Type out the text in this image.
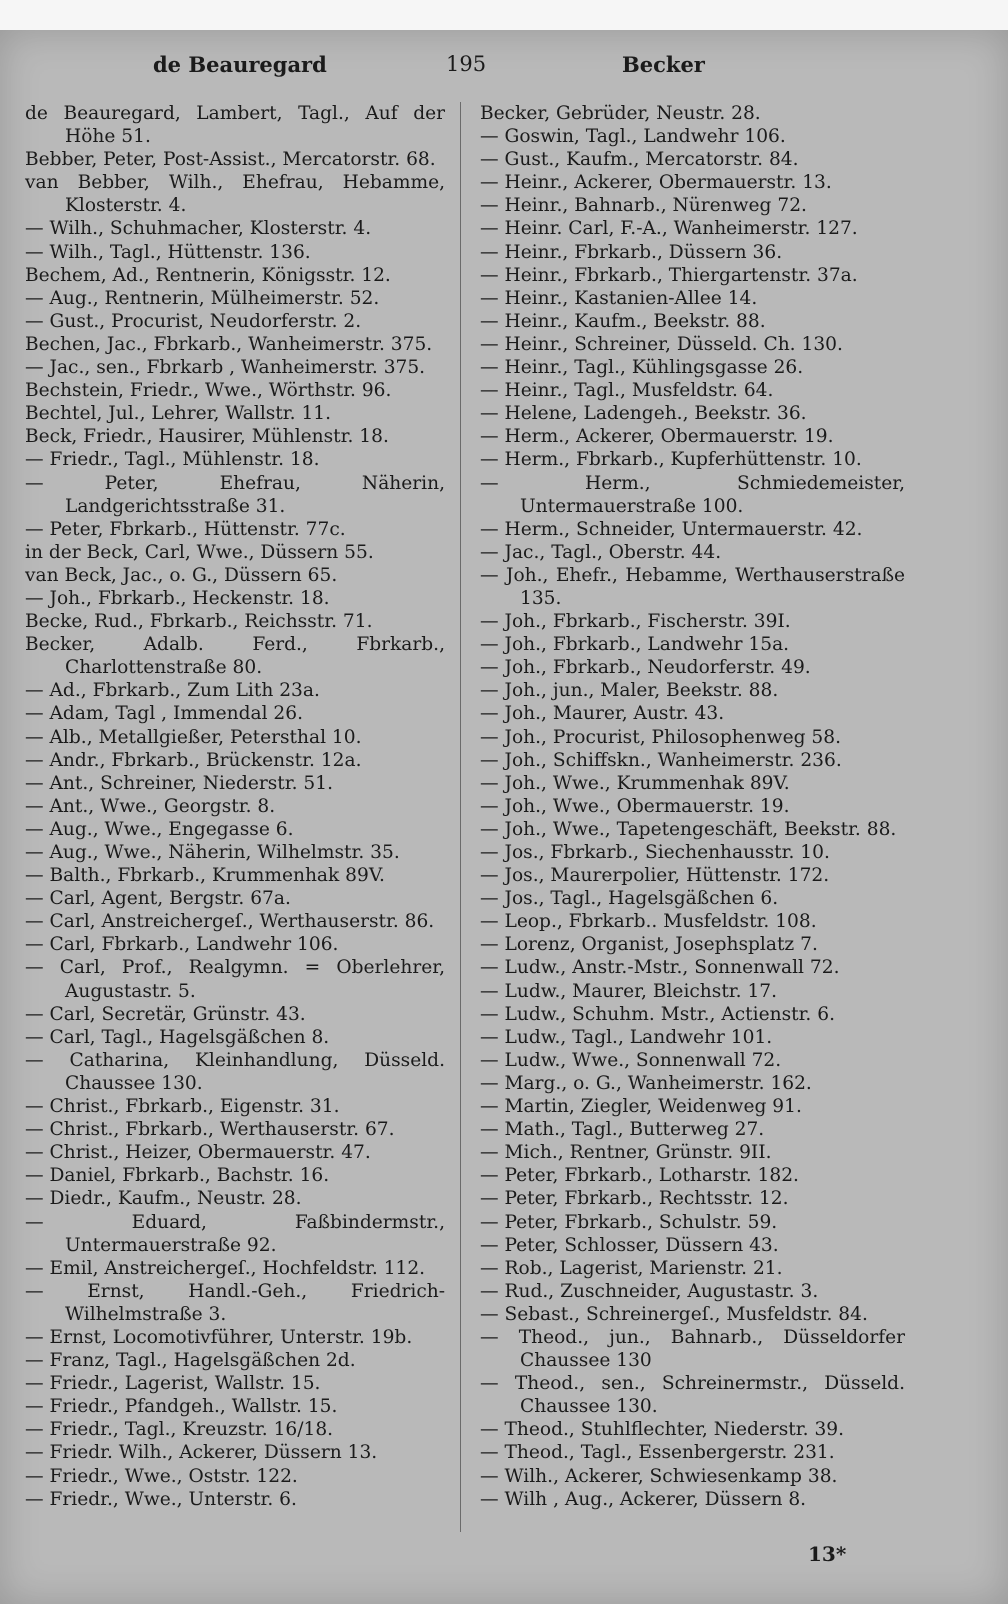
de Beauregard	195	Becker
de Beauregard, Lambert, Tagl., Auf der Höhe 51.
Bebber, Peter, Post-Assist., Mercatorstr. 68.
van Bebber, Wilh., Ehefrau, Hebamme, Klosterstr. 4.
— Wilh., Schuhmacher, Klosterstr. 4.
— Wilh., Tagl., Hüttenstr. 136.
Bechem, Ad., Rentnerin, Königsstr. 12.
— Aug., Rentnerin, Mülheimerstr. 52.
— Gust., Procurist, Neudorferstr. 2.
Bechen, Jac., Fbrkarb., Wanheimerstr. 375.
— Jac., sen., Fbrkarb , Wanheimerstr. 375.
Bechstein, Friedr., Wwe., Wörthstr. 96.
Bechtel, Jul., Lehrer, Wallstr. 11.
Beck, Friedr., Hausirer, Mühlenstr. 18.
— Friedr., Tagl., Mühlenstr. 18.
— Peter, Ehefrau, Näherin, Landgerichtsstraße 31.
— Peter, Fbrkarb., Hüttenstr. 77c.
in der Beck, Carl, Wwe., Düssern 55.
van Beck, Jac., o. G., Düssern 65.
— Joh., Fbrkarb., Heckenstr. 18.
Becke, Rud., Fbrkarb., Reichsstr. 71.
Becker, Adalb. Ferd., Fbrkarb., Charlottenstraße 80.
— Ad., Fbrkarb., Zum Lith 23a.
— Adam, Tagl , Immendal 26.
— Alb., Metallgießer, Petersthal 10.
— Andr., Fbrkarb., Brückenstr. 12a.
— Ant., Schreiner, Niederstr. 51.
— Ant., Wwe., Georgstr. 8.
— Aug., Wwe., Engegasse 6.
— Aug., Wwe., Näherin, Wilhelmstr. 35.
— Balth., Fbrkarb., Krummenhak 89V.
— Carl, Agent, Bergstr. 67a.
— Carl, Anstreichergeſ., Werthauserstr. 86.
— Carl, Fbrkarb., Landwehr 106.
— Carl, Prof., Realgymn. = Oberlehrer, Augustastr. 5.
— Carl, Secretär, Grünstr. 43.
— Carl, Tagl., Hagelsgäßchen 8.
— Catharina, Kleinhandlung, Düsseld. Chaussee 130.
— Christ., Fbrkarb., Eigenstr. 31.
— Christ., Fbrkarb., Werthauserstr. 67.
— Christ., Heizer, Obermauerstr. 47.
— Daniel, Fbrkarb., Bachstr. 16.
— Diedr., Kaufm., Neustr. 28.
— Eduard, Faßbindermstr., Untermauerstraße 92.
— Emil, Anstreichergeſ., Hochfeldstr. 112.
— Ernst, Handl.-Geh., Friedrich-Wilhelmstraße 3.
— Ernst, Locomotivführer, Unterstr. 19b.
— Franz, Tagl., Hagelsgäßchen 2d.
— Friedr., Lagerist, Wallstr. 15.
— Friedr., Pfandgeh., Wallstr. 15.
— Friedr., Tagl., Kreuzstr. 16/18.
— Friedr. Wilh., Ackerer, Düssern 13.
— Friedr., Wwe., Oststr. 122.
— Friedr., Wwe., Unterstr. 6.
Becker, Gebrüder, Neustr. 28.
— Goswin, Tagl., Landwehr 106.
— Gust., Kaufm., Mercatorstr. 84.
— Heinr., Ackerer, Obermauerstr. 13.
— Heinr., Bahnarb., Nürenweg 72.
— Heinr. Carl, F.-A., Wanheimerstr. 127.
— Heinr., Fbrkarb., Düssern 36.
— Heinr., Fbrkarb., Thiergartenstr. 37a.
— Heinr., Kastanien-Allee 14.
— Heinr., Kaufm., Beekstr. 88.
— Heinr., Schreiner, Düsseld. Ch. 130.
— Heinr., Tagl., Kühlingsgasse 26.
— Heinr., Tagl., Musfeldstr. 64.
— Helene, Ladengeh., Beekstr. 36.
— Herm., Ackerer, Obermauerstr. 19.
— Herm., Fbrkarb., Kupferhüttenstr. 10.
— Herm., Schmiedemeister, Untermauerstraße 100.
— Herm., Schneider, Untermauerstr. 42.
— Jac., Tagl., Oberstr. 44.
— Joh., Ehefr., Hebamme, Werthauserstraße 135.
— Joh., Fbrkarb., Fischerstr. 39I.
— Joh., Fbrkarb., Landwehr 15a.
— Joh., Fbrkarb., Neudorferstr. 49.
— Joh., jun., Maler, Beekstr. 88.
— Joh., Maurer, Austr. 43.
— Joh., Procurist, Philosophenweg 58.
— Joh., Schiffskn., Wanheimerstr. 236.
— Joh., Wwe., Krummenhak 89V.
— Joh., Wwe., Obermauerstr. 19.
— Joh., Wwe., Tapetengeschäft, Beekstr. 88.
— Jos., Fbrkarb., Siechenhausstr. 10.
— Jos., Maurerpolier, Hüttenstr. 172.
— Jos., Tagl., Hagelsgäßchen 6.
— Leop., Fbrkarb.. Musfeldstr. 108.
— Lorenz, Organist, Josephsplatz 7.
— Ludw., Anstr.-Mstr., Sonnenwall 72.
— Ludw., Maurer, Bleichstr. 17.
— Ludw., Schuhm. Mstr., Actienstr. 6.
— Ludw., Tagl., Landwehr 101.
— Ludw., Wwe., Sonnenwall 72.
— Marg., o. G., Wanheimerstr. 162.
— Martin, Ziegler, Weidenweg 91.
— Math., Tagl., Butterweg 27.
— Mich., Rentner, Grünstr. 9II.
— Peter, Fbrkarb., Lotharstr. 182.
— Peter, Fbrkarb., Rechtsstr. 12.
— Peter, Fbrkarb., Schulstr. 59.
— Peter, Schlosser, Düssern 43.
— Rob., Lagerist, Marienstr. 21.
— Rud., Zuschneider, Augustastr. 3.
— Sebast., Schreinergeſ., Musfeldstr. 84.
— Theod., jun., Bahnarb., Düsseldorfer Chaussee 130
— Theod., sen., Schreinermstr., Düsseld. Chaussee 130.
— Theod., Stuhlflechter, Niederstr. 39.
— Theod., Tagl., Essenbergerstr. 231.
— Wilh., Ackerer, Schwiesenkamp 38.
— Wilh , Aug., Ackerer, Düssern 8.
13*
